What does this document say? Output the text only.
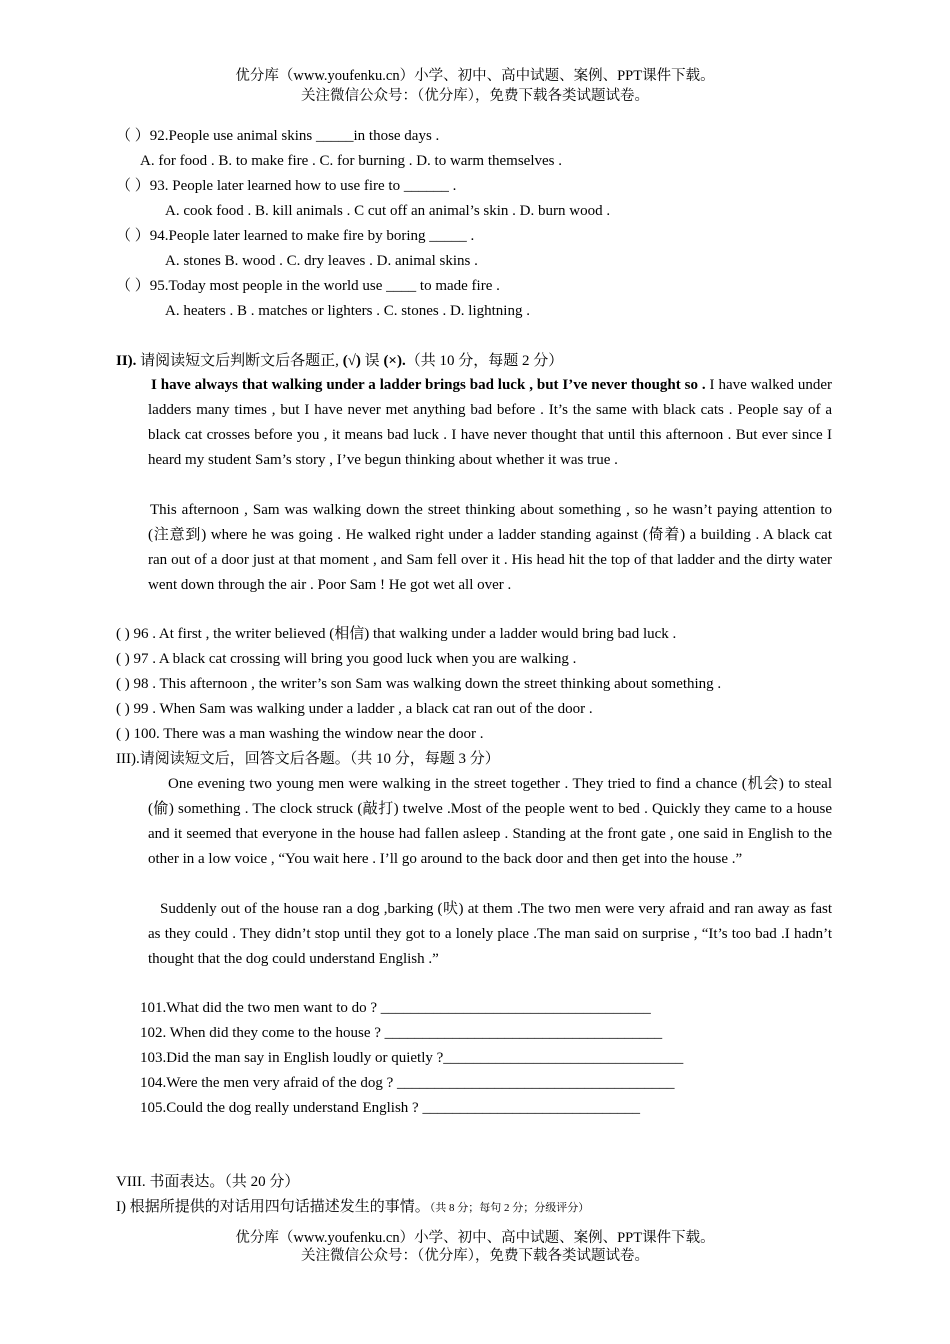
优分库（www.youfenku.cn）小学、初中、高中试题、案例、PPT课件下载。
关注微信公众号：（优分库），免费下载各类试题试卷。
（ ）92.People use animal skins _____in those days .
A. for food . B. to make fire . C. for burning . D. to warm themselves .
（ ）93. People later learned how to use fire to ______ .
A. cook food . B. kill animals . C cut off an animal’s skin . D. burn wood .
（ ）94.People later learned to make fire by boring _____ .
A. stones B. wood . C. dry leaves . D. animal skins .
（ ）95.Today most people in the world use ____ to made fire .
A. heaters . B . matches or lighters . C. stones . D. lightning .
II). 请阅读短文后判断文后各题正, (√) 误 (×).（共 10 分，每题 2 分）
I have always that walking under a ladder brings bad luck , but I’ve never thought so . I have walked under ladders many times , but I have never met anything bad before . It’s the same with black cats . People say of a black cat crosses before you , it means bad luck . I have never thought that until this afternoon . But ever since I heard my student Sam’s story , I’ve begun thinking about whether it was true .
This afternoon , Sam was walking down the street thinking about something , so he wasn’t paying attention to (注意到) where he was going . He walked right under a ladder standing against (倚着) a building . A black cat ran out of a door just at that moment , and Sam fell over it . His head hit the top of that ladder and the dirty water went down through the air . Poor Sam ! He got wet all over .
( ) 96 . At first , the writer believed (相信) that walking under a ladder would bring bad luck .
( ) 97 . A black cat crossing will bring you good luck when you are walking .
( ) 98 . This afternoon , the writer’s son Sam was walking down the street thinking about something .
( ) 99 . When Sam was walking under a ladder , a black cat ran out of the door .
( ) 100. There was a man washing the window near the door .
III).请阅读短文后，回答文后各题。（共 10 分，每题 3 分）
One evening two young men were walking in the street together . They tried to find a chance (机会) to steal (偷) something . The clock struck (敲打) twelve .Most of the people went to bed . Quickly they came to a house and it seemed that everyone in the house had fallen asleep . Standing at the front gate , one said in English to the other in a low voice , “You wait here . I’ll go around to the back door and then get into the house .”
Suddenly out of the house ran a dog ,barking (吠) at them .The two men were very afraid and ran away as fast as they could . They didn’t stop until they got to a lonely place .The man said on surprise , “It’s too bad .I hadn’t thought that the dog could understand English .”
101.What did the two men want to do ? ____________________________________
102. When did they come to the house ? _____________________________________
103.Did the man say in English loudly or quietly ?________________________________
104.Were the men very afraid of the dog ? _____________________________________
105.Could the dog really understand English ? _____________________________
VIII. 书面表达。（共 20 分）
I) 根据所提供的对话用四句话描述发生的事情。（共 8 分；每句 2 分；分级评分）
优分库（www.youfenku.cn）小学、初中、高中试题、案例、PPT课件下载。
关注微信公众号：（优分库），免费下载各类试题试卷。
